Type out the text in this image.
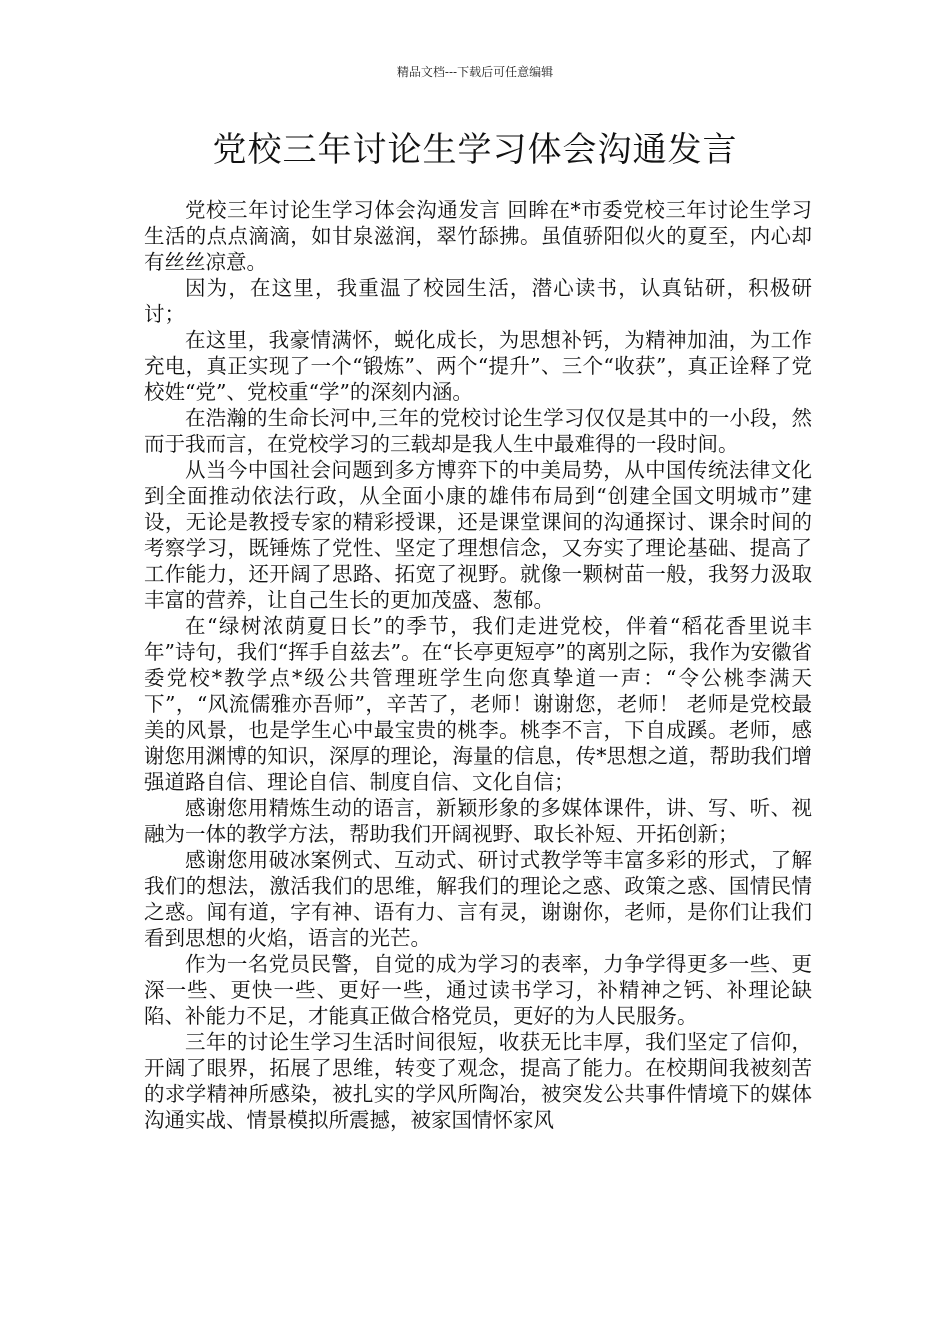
精品文档---下载后可任意编辑
党校三年讨论生学习体会沟通发言

党校三年讨论生学习体会沟通发言 回眸在*市委党校三年讨论生学习生活的点点滴滴，如甘泉滋润，翠竹舔拂。虽值骄阳似火的夏至，内心却有丝丝凉意。

因为，在这里，我重温了校园生活，潜心读书，认真钻研，积极研讨；

在这里，我豪情满怀，蜕化成长，为思想补钙，为精神加油，为工作充电，真正实现了一个“锻炼”、两个“提升”、三个“收获”，真正诠释了党校姓“党”、党校重“学”的深刻内涵。

在浩瀚的生命长河中,三年的党校讨论生学习仅仅是其中的一小段，然而于我而言，在党校学习的三载却是我人生中最难得的一段时间。

从当今中国社会问题到多方博弈下的中美局势，从中国传统法律文化到全面推动依法行政，从全面小康的雄伟布局到“创建全国文明城市”建设，无论是教授专家的精彩授课，还是课堂课间的沟通探讨、课余时间的考察学习，既锤炼了党性、坚定了理想信念，又夯实了理论基础、提高了工作能力，还开阔了思路、拓宽了视野。就像一颗树苗一般，我努力汲取丰富的营养，让自己生长的更加茂盛、葱郁。

在“绿树浓荫夏日长”的季节，我们走进党校，伴着“稻花香里说丰年”诗句，我们“挥手自兹去”。在“长亭更短亭”的离别之际，我作为安徽省委党校*教学点*级公共管理班学生向您真挚道一声：“令公桃李满天下”，“风流儒雅亦吾师”，辛苦了，老师！谢谢您，老师！ 老师是党校最美的风景，也是学生心中最宝贵的桃李。桃李不言，下自成蹊。老师，感谢您用渊博的知识，深厚的理论，海量的信息，传*思想之道，帮助我们增强道路自信、理论自信、制度自信、文化自信；

感谢您用精炼生动的语言，新颖形象的多媒体课件，讲、写、听、视融为一体的教学方法，帮助我们开阔视野、取长补短、开拓创新；

感谢您用破冰案例式、互动式、研讨式教学等丰富多彩的形式，了解我们的想法，激活我们的思维，解我们的理论之惑、政策之惑、国情民情之惑。闻有道，字有神、语有力、言有灵，谢谢你，老师，是你们让我们看到思想的火焰，语言的光芒。

作为一名党员民警，自觉的成为学习的表率，力争学得更多一些、更深一些、更快一些、更好一些，通过读书学习，补精神之钙、补理论缺陷、补能力不足，才能真正做合格党员，更好的为人民服务。

三年的讨论生学习生活时间很短，收获无比丰厚，我们坚定了信仰，开阔了眼界，拓展了思维，转变了观念，提高了能力。在校期间我被刻苦的求学精神所感染，被扎实的学风所陶冶，被突发公共事件情境下的媒体沟通实战、情景模拟所震撼，被家国情怀家风
